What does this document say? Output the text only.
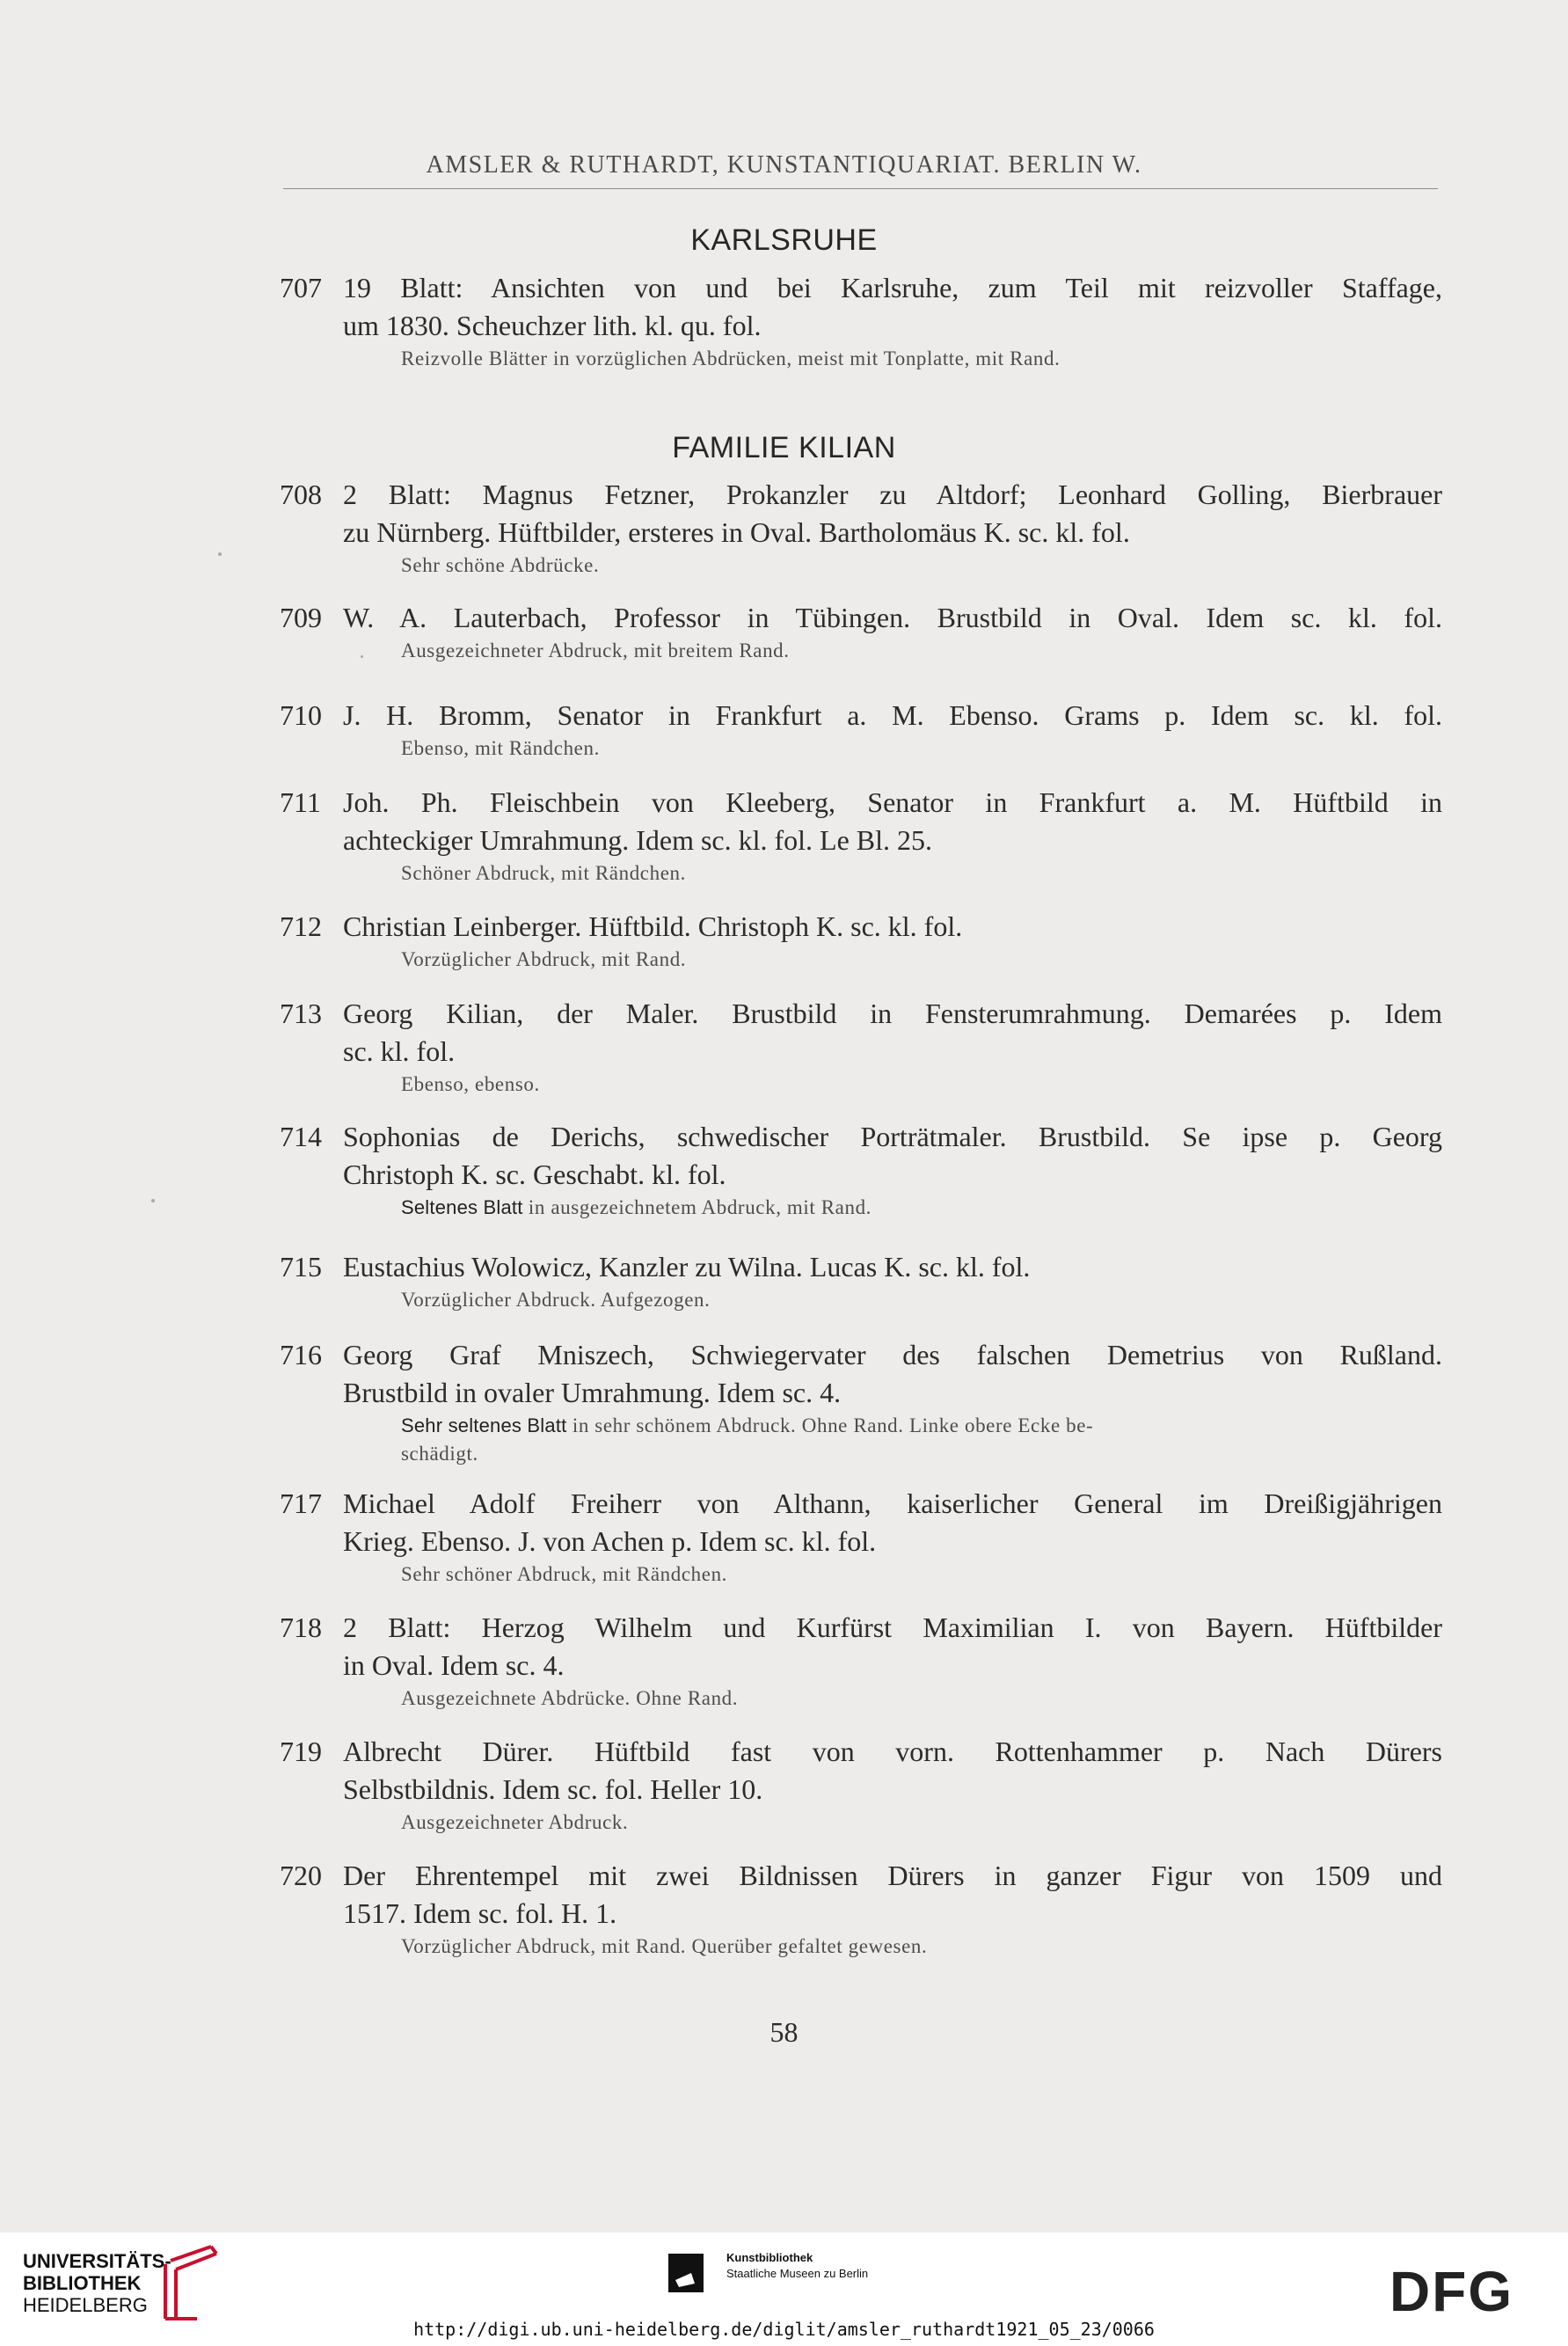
AMSLER & RUTHARDT, KUNSTANTIQUARIAT. BERLIN W.
KARLSRUHE
707 19 Blatt: Ansichten von und bei Karlsruhe, zum Teil mit reizvoller Staffage,
um 1830. Scheuchzer lith. kl. qu. fol.
Reizvolle Blätter in vorzüglichen Abdrücken, meist mit Tonplatte, mit Rand.
FAMILIE KILIAN
708 2 Blatt: Magnus Fetzner, Prokanzler zu Altdorf; Leonhard Golling, Bierbrauer
zu Nürnberg. Hüftbilder, ersteres in Oval. Bartholomäus K. sc. kl. fol.
Sehr schöne Abdrücke.
709 W. A. Lauterbach, Professor in Tübingen. Brustbild in Oval. Idem sc. kl. fol.
Ausgezeichneter Abdruck, mit breitem Rand.
710 J. H. Bromm, Senator in Frankfurt a. M. Ebenso. Grams p. Idem sc. kl. fol.
Ebenso, mit Rändchen.
711 Joh. Ph. Fleischbein von Kleeberg, Senator in Frankfurt a. M. Hüftbild in
achteckiger Umrahmung. Idem sc. kl. fol. Le Bl. 25.
Schöner Abdruck, mit Rändchen.
712 Christian Leinberger. Hüftbild. Christoph K. sc. kl. fol.
Vorzüglicher Abdruck, mit Rand.
713 Georg Kilian, der Maler. Brustbild in Fensterumrahmung. Demarées p. Idem
sc. kl. fol.
Ebenso, ebenso.
714 Sophonias de Derichs, schwedischer Porträtmaler. Brustbild. Se ipse p. Georg
Christoph K. sc. Geschabt. kl. fol.
Seltenes Blatt in ausgezeichnetem Abdruck, mit Rand.
715 Eustachius Wolowicz, Kanzler zu Wilna. Lucas K. sc. kl. fol.
Vorzüglicher Abdruck. Aufgezogen.
716 Georg Graf Mniszech, Schwiegervater des falschen Demetrius von Rußland.
Brustbild in ovaler Umrahmung. Idem sc. 4.
Sehr seltenes Blatt in sehr schönem Abdruck. Ohne Rand. Linke obere Ecke be-
schädigt.
717 Michael Adolf Freiherr von Althann, kaiserlicher General im Dreißigjährigen
Krieg. Ebenso. J. von Achen p. Idem sc. kl. fol.
Sehr schöner Abdruck, mit Rändchen.
718 2 Blatt: Herzog Wilhelm und Kurfürst Maximilian I. von Bayern. Hüftbilder
in Oval. Idem sc. 4.
Ausgezeichnete Abdrücke. Ohne Rand.
719 Albrecht Dürer. Hüftbild fast von vorn. Rottenhammer p. Nach Dürers
Selbstbildnis. Idem sc. fol. Heller 10.
Ausgezeichneter Abdruck.
720 Der Ehrentempel mit zwei Bildnissen Dürers in ganzer Figur von 1509 und
1517. Idem sc. fol. H. 1.
Vorzüglicher Abdruck, mit Rand. Querüber gefaltet gewesen.
58
UNIVERSITÄTS-
BIBLIOTHEK
HEIDELBERG
Kunstbibliothek
Staatliche Museen zu Berlin	DFG
http://digi.ub.uni-heidelberg.de/diglit/amsler_ruthardt1921_05_23/0066
